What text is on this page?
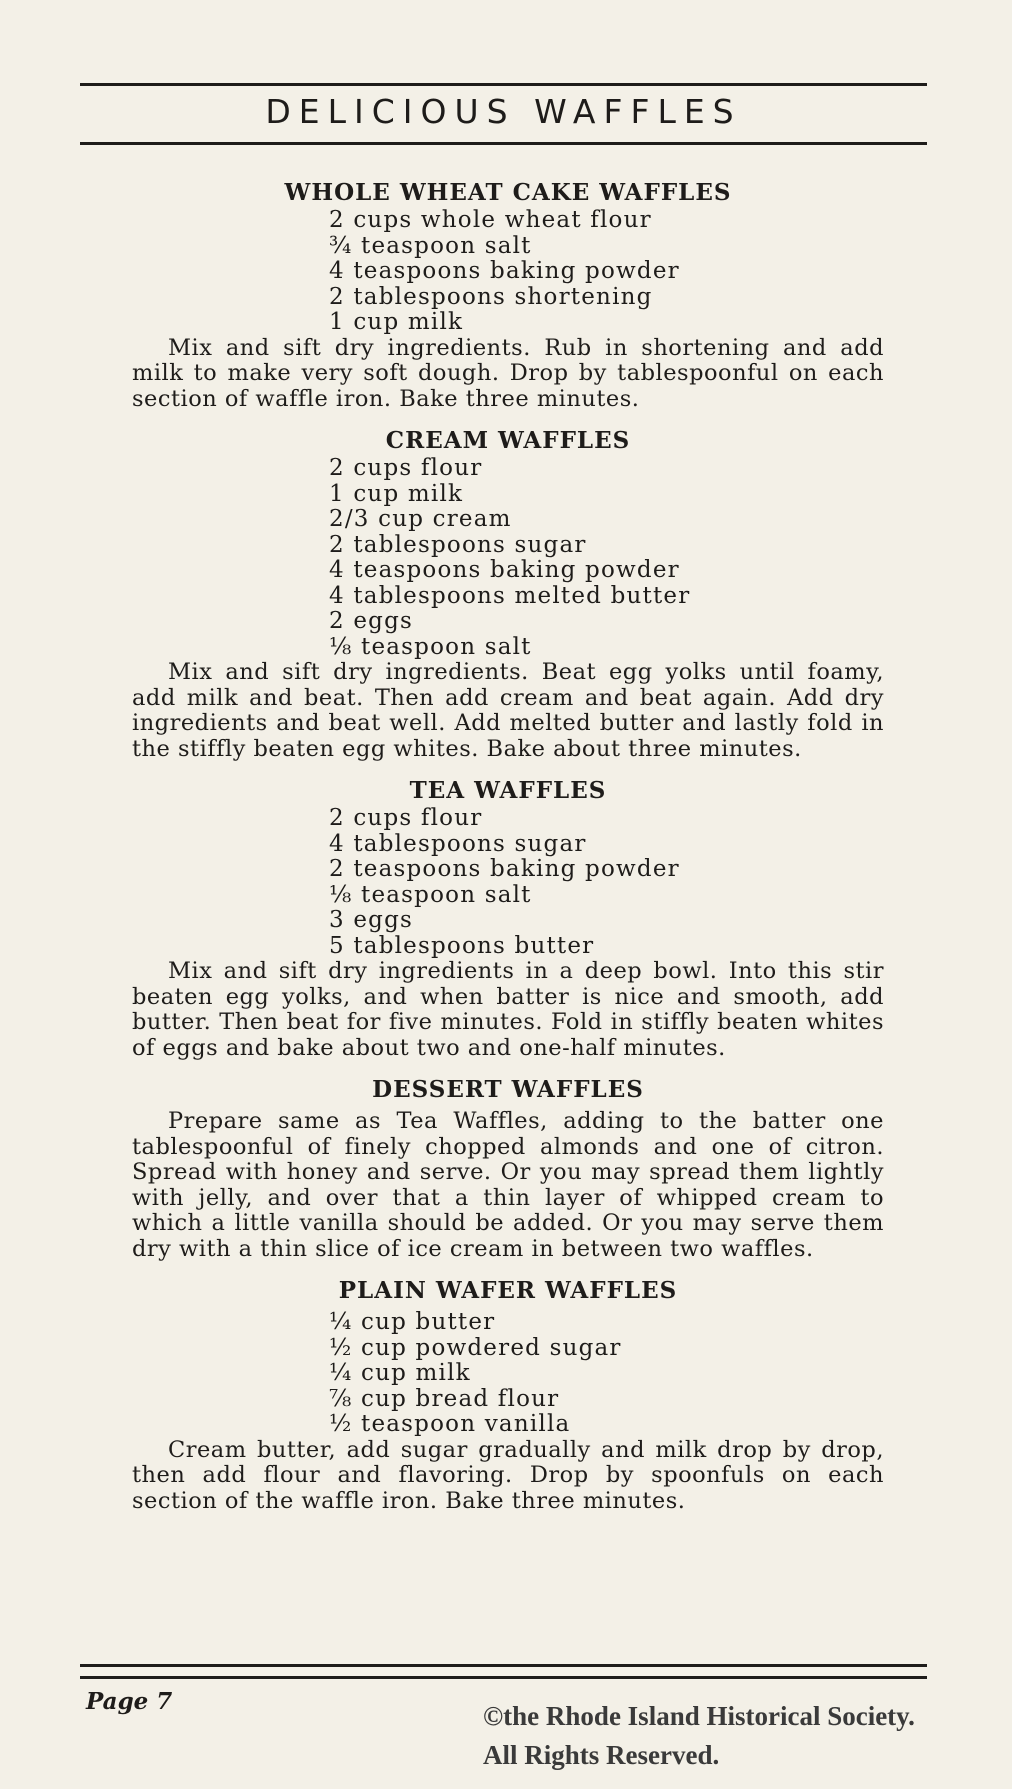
DELICIOUS WAFFLES
WHOLE WHEAT CAKE WAFFLES
2 cups whole wheat flour
¾ teaspoon salt
4 teaspoons baking powder
2 tablespoons shortening
1 cup milk

Mix and sift dry ingredients. Rub in shortening and add milk to make very soft dough. Drop by tablespoonful on each section of waffle iron. Bake three minutes.

CREAM WAFFLES
2 cups flour
1 cup milk
2/3 cup cream
2 tablespoons sugar
4 teaspoons baking powder
4 tablespoons melted butter
2 eggs
⅛ teaspoon salt

Mix and sift dry ingredients. Beat egg yolks until foamy, add milk and beat. Then add cream and beat again. Add dry ingredients and beat well. Add melted butter and lastly fold in the stiffly beaten egg whites. Bake about three minutes.

TEA WAFFLES
2 cups flour
4 tablespoons sugar
2 teaspoons baking powder
⅛ teaspoon salt
3 eggs
5 tablespoons butter

Mix and sift dry ingredients in a deep bowl. Into this stir beaten egg yolks, and when batter is nice and smooth, add butter. Then beat for five minutes. Fold in stiffly beaten whites of eggs and bake about two and one-half minutes.

DESSERT WAFFLES

Prepare same as Tea Waffles, adding to the batter one tablespoonful of finely chopped almonds and one of citron. Spread with honey and serve. Or you may spread them lightly with jelly, and over that a thin layer of whipped cream to which a little vanilla should be added. Or you may serve them dry with a thin slice of ice cream in between two waffles.

PLAIN WAFER WAFFLES
¼ cup butter
½ cup powdered sugar
¼ cup milk
⅞ cup bread flour
½ teaspoon vanilla

Cream butter, add sugar gradually and milk drop by drop, then add flour and flavoring. Drop by spoonfuls on each section of the waffle iron. Bake three minutes.

Page 7	©the Rhode Island Historical Society.
All Rights Reserved.
